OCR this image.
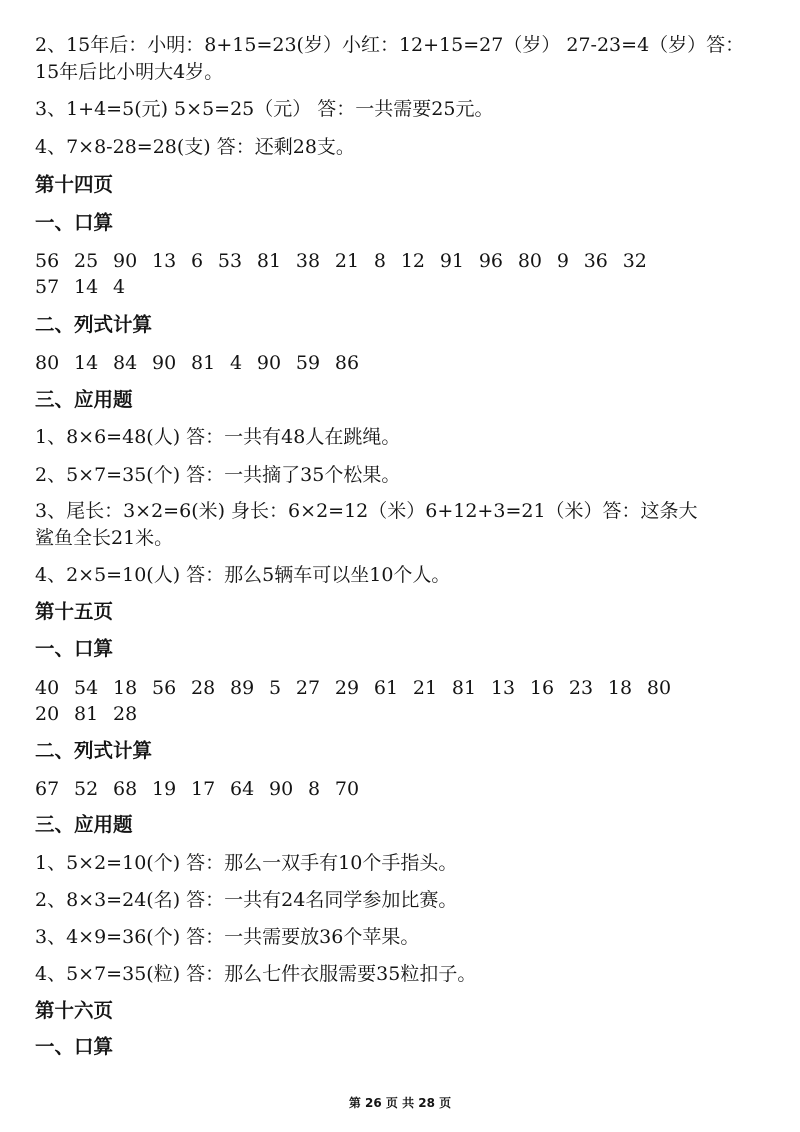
2、15年后：小明：8+15=23(岁）小红：12+15=27（岁） 27-23=4（岁）答：

15年后比小明大4岁。

3、1+4=5(元) 5×5=25（元） 答：一共需要25元。

4、7×8-28=28(支) 答：还剩28支。

第十四页

一、口算

56 25 90 13 6 53 81 38 21 8 12 91 96 80 9 36 32

57 14 4

二、列式计算

80 14 84 90 81 4 90 59 86

三、应用题

1、8×6=48(人) 答：一共有48人在跳绳。

2、5×7=35(个) 答：一共摘了35个松果。

3、尾长：3×2=6(米) 身长：6×2=12（米）6+12+3=21（米）答：这条大

鲨鱼全长21米。

4、2×5=10(人) 答：那么5辆车可以坐10个人。

第十五页

一、口算

40 54 18 56 28 89 5 27 29 61 21 81 13 16 23 18 80

20 81 28

二、列式计算

67 52 68 19 17 64 90 8 70

三、应用题

1、5×2=10(个) 答：那么一双手有10个手指头。

2、8×3=24(名) 答：一共有24名同学参加比赛。

3、4×9=36(个) 答：一共需要放36个苹果。

4、5×7=35(粒) 答：那么七件衣服需要35粒扣子。

第十六页

一、口算

第 26 页 共 28 页
